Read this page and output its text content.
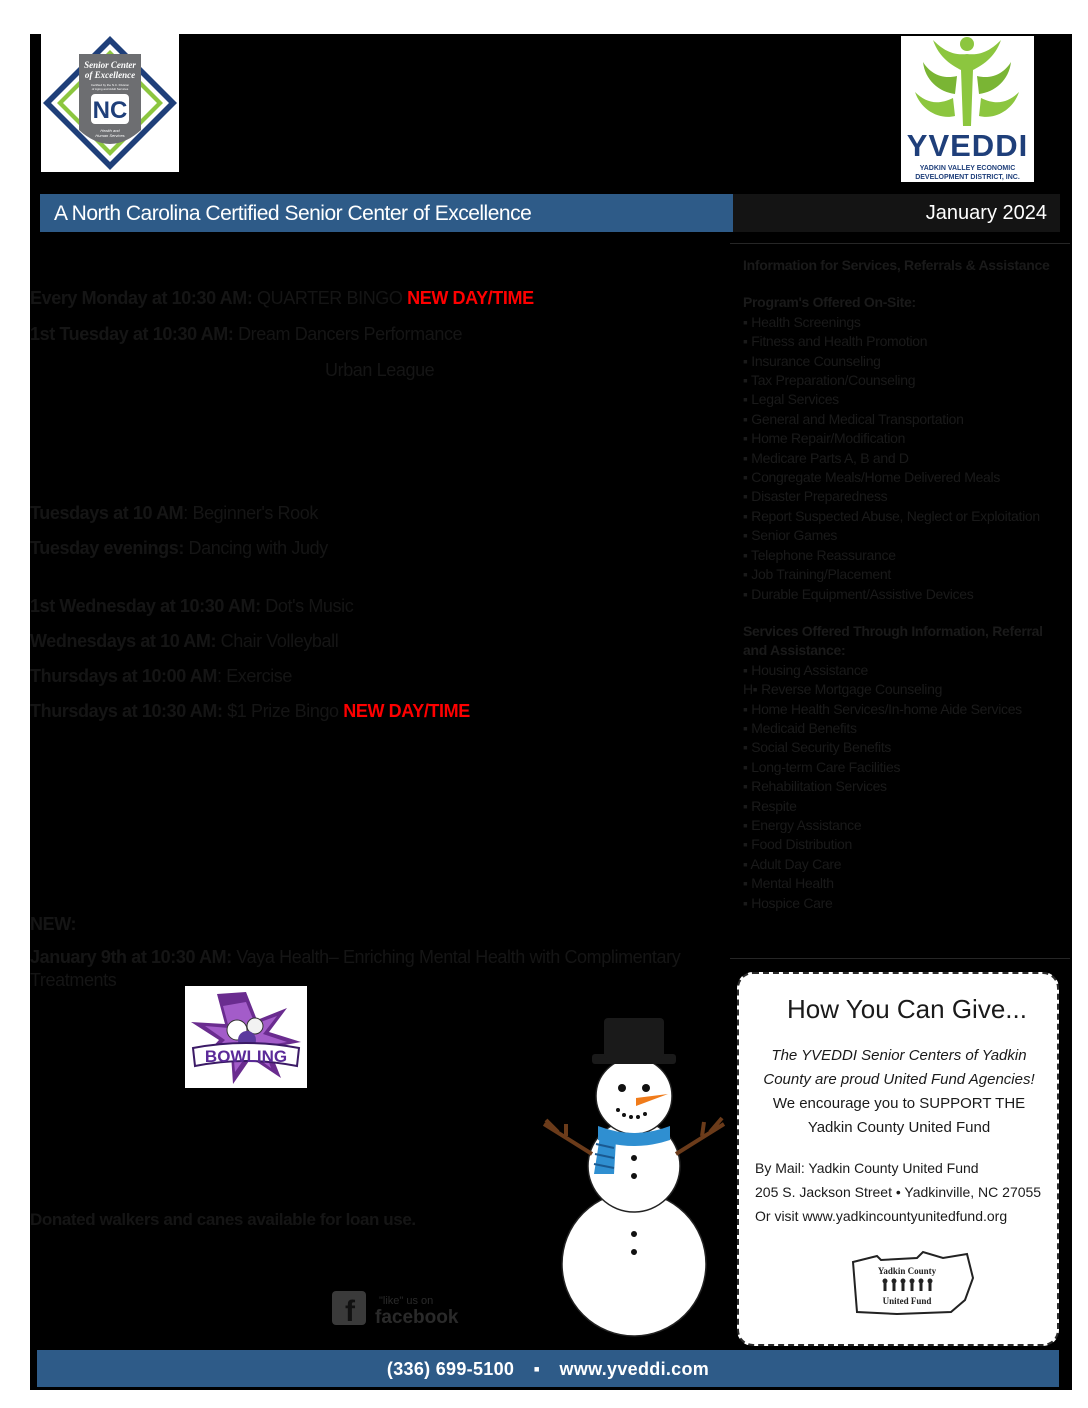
Senior Center
of Excellence
Certified by the N.C. Division
of Aging and Adult Services
NC
Health and
Human Services	YVEDDI
YADKIN VALLEY ECONOMIC
DEVELOPMENT DISTRICT, INC.
A North Carolina Certified Senior Center of Excellence	January 2024
Every Monday at 10:30 AM: QUARTER BINGO NEW DAY/TIME
1st Tuesday at 10:30 AM: Dream Dancers Performance
Urban League
Tuesdays at 10 AM: Beginner's Rook
Tuesday evenings: Dancing with Judy
1st Wednesday at 10:30 AM: Dot's Music
Wednesdays at 10 AM: Chair Volleyball
Thursdays at 10:00 AM: Exercise
Thursdays at 10:30 AM: $1 Prize Bingo NEW DAY/TIME
NEW:
January 9th at 10:30 AM: Vaya Health– Enriching Mental Health with Complimentary
Treatments
BOWLING
Donated walkers and canes available for loan use.
f "like" us on
facebook
Information for Services, Referrals & Assistance
Program's Offered On-Site:
▪ Health Screenings
▪ Fitness and Health Promotion
▪ Insurance Counseling
▪ Tax Preparation/Counseling
▪ Legal Services
▪ General and Medical Transportation
▪ Home Repair/Modification
▪ Medicare Parts A, B and D
▪ Congregate Meals/Home Delivered Meals
▪ Disaster Preparedness
▪ Report Suspected Abuse, Neglect or Exploitation
▪ Senior Games
▪ Telephone Reassurance
▪ Job Training/Placement
▪ Durable Equipment/Assistive Devices
Services Offered Through Information, Referral and Assistance:
▪ Housing Assistance
H▪ Reverse Mortgage Counseling
▪ Home Health Services/In-home Aide Services
▪ Medicaid Benefits
▪ Social Security Benefits
▪ Long-term Care Facilities
▪ Rehabilitation Services
▪ Respite
▪ Energy Assistance
▪ Food Distribution
▪ Adult Day Care
▪ Mental Health
▪ Hospice Care
How You Can Give...
The YVEDDI Senior Centers of Yadkin
County are proud United Fund Agencies!
We encourage you to SUPPORT THE
Yadkin County United Fund
By Mail: Yadkin County United Fund
205 S. Jackson Street • Yadkinville, NC 27055
Or visit www.yadkincountyunitedfund.org
Yadkin County
United Fund
(336) 699-5100 ▪ www.yveddi.com
